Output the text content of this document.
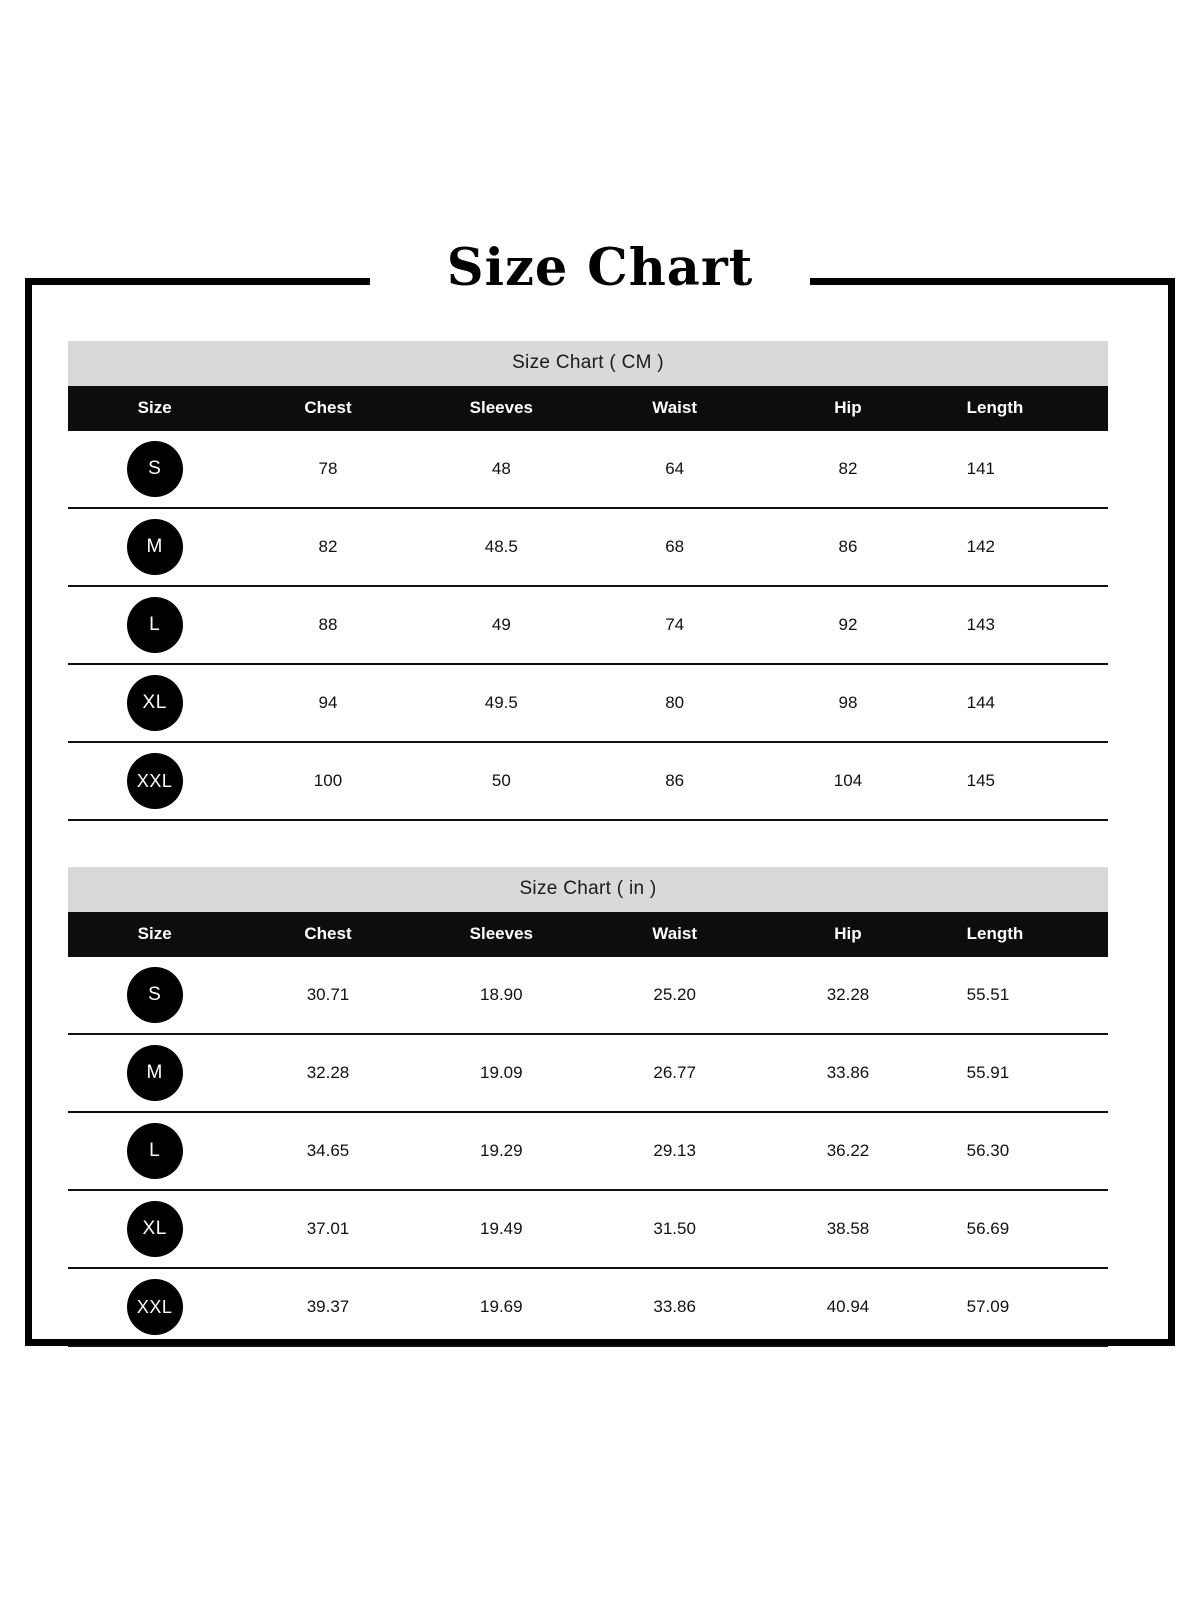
Size Chart
Size Chart ( CM )					
Size	Chest	Sleeves	Waist	Hip	Length
S	78	48	64	82	141
M	82	48.5	68	86	142
L	88	49	74	92	143
XL	94	49.5	80	98	144
XXL	100	50	86	104	145
Size Chart ( in )					
Size	Chest	Sleeves	Waist	Hip	Length
S	30.71	18.90	25.20	32.28	55.51
M	32.28	19.09	26.77	33.86	55.91
L	34.65	19.29	29.13	36.22	56.30
XL	37.01	19.49	31.50	38.58	56.69
XXL	39.37	19.69	33.86	40.94	57.09
